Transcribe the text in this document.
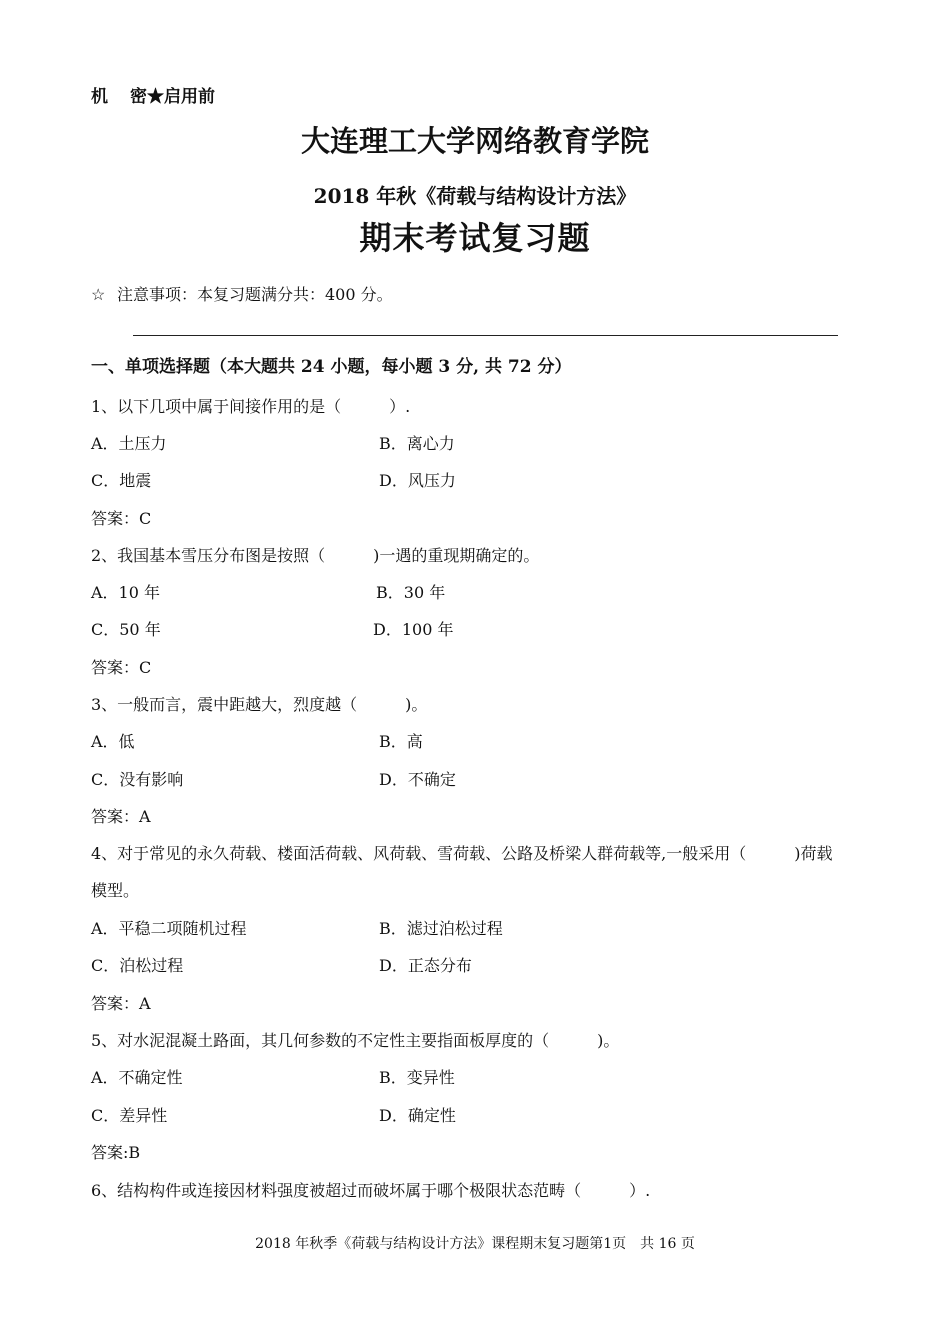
机 密★启用前
大连理工大学网络教育学院
2018 年秋《荷载与结构设计方法》
期末考试复习题
☆ 注意事项：本复习题满分共：400 分。
一、单项选择题（本大题共 24 小题，每小题 3 分, 共 72 分）
1、以下几项中属于间接作用的是（　　　）.
A．土压力	B．离心力
C．地震	D．风压力
答案：C
2、我国基本雪压分布图是按照（　　　)一遇的重现期确定的。
A．10 年	B．30 年
C．50 年	D．100 年
答案：C
3、一般而言，震中距越大，烈度越（　　　)。
A．低	B．高
C．没有影响	D．不确定
答案：A
4、对于常见的永久荷载、楼面活荷载、风荷载、雪荷载、公路及桥梁人群荷载等,一般采用（　　　)荷载
模型。
A．平稳二项随机过程	B．滤过泊松过程
C．泊松过程	D．正态分布
答案：A
5、对水泥混凝土路面，其几何参数的不定性主要指面板厚度的（　　　)。
A．不确定性	B．变异性
C．差异性	D．确定性
答案:B
6、结构构件或连接因材料强度被超过而破坏属于哪个极限状态范畴（　　　）.
2018 年秋季《荷载与结构设计方法》课程期末复习题第1页　共 16 页
